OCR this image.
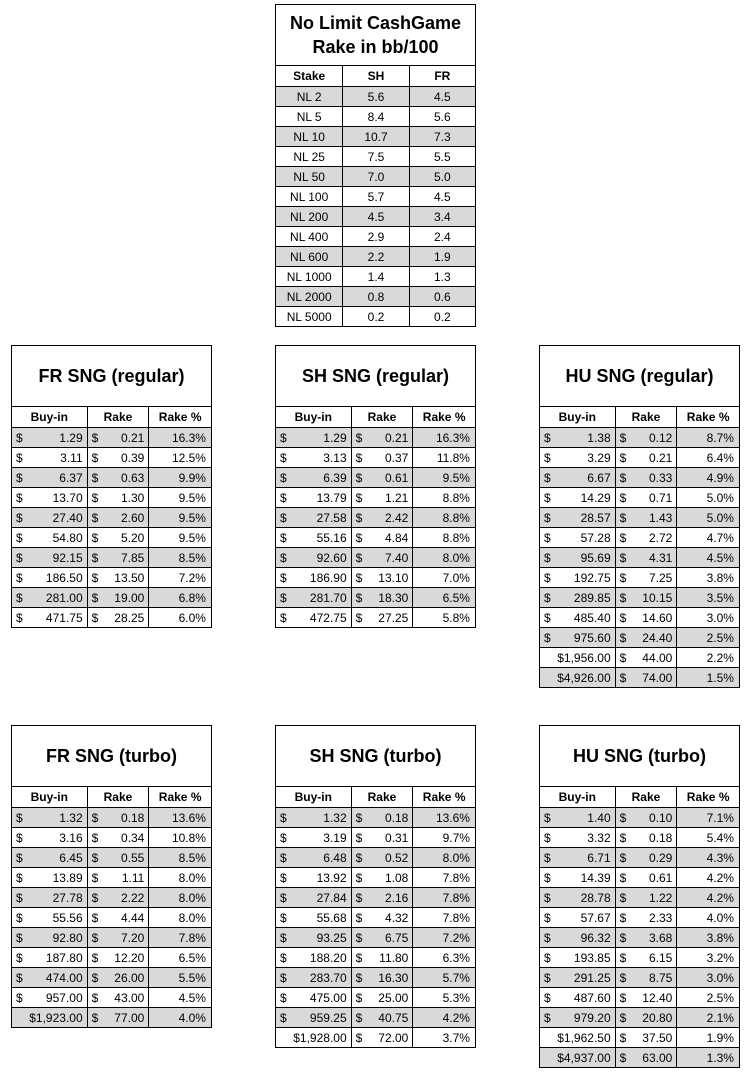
No Limit CashGame
Rake in bb/100
Stake	SH	FR
NL 2	5.6	4.5
NL 5	8.4	5.6
NL 10	10.7	7.3
NL 25	7.5	5.5
NL 50	7.0	5.0
NL 100	5.7	4.5
NL 200	4.5	3.4
NL 400	2.9	2.4
NL 600	2.2	1.9
NL 1000	1.4	1.3
NL 2000	0.8	0.6
NL 5000	0.2	0.2
FR SNG (regular)
Buy-in	Rake	Rake %
$	1.29 $ 0.21	16.3%
$	3.11 $ 0.39	12.5%
$	6.37 $ 0.63	9.9%
$ 13.70 $ 1.30	9.5%
$ 27.40 $ 2.60	9.5%
$ 54.80 $ 5.20	9.5%
$ 92.15 $ 7.85	8.5%
$ 186.50 $ 13.50	7.2%
$ 281.00 $ 19.00	6.8%
$ 471.75 $ 28.25	6.0%
SH SNG (regular)
Buy-in	Rake	Rake %
$	1.29 $ 0.21	16.3%
$	3.13 $ 0.37	11.8%
$	6.39 $ 0.61	9.5%
$ 13.79 $ 1.21	8.8%
$ 27.58 $ 2.42	8.8%
$ 55.16 $ 4.84	8.8%
$ 92.60 $ 7.40	8.0%
$ 186.90 $ 13.10	7.0%
$ 281.70 $ 18.30	6.5%
$ 472.75 $ 27.25	5.8%
HU SNG (regular)
Buy-in	Rake	Rake %
$	1.38 $ 0.12	8.7%
$	3.29 $ 0.21	6.4%
$	6.67 $ 0.33	4.9%
$ 14.29 $ 0.71	5.0%
$ 28.57 $ 1.43	5.0%
$ 57.28 $ 2.72	4.7%
$ 95.69 $ 4.31	4.5%
$ 192.75 $ 7.25	3.8%
$ 289.85 $ 10.15	3.5%
$ 485.40 $ 14.60	3.0%
$ 975.60 $ 24.40	2.5%
$1,956.00 $ 44.00	2.2%
$4,926.00 $ 74.00	1.5%
FR SNG (turbo)
Buy-in	Rake	Rake %
$	1.32 $ 0.18	13.6%
$	3.16 $ 0.34	10.8%
$	6.45 $ 0.55	8.5%
$ 13.89 $ 1.11	8.0%
$ 27.78 $ 2.22	8.0%
$ 55.56 $ 4.44	8.0%
$ 92.80 $ 7.20	7.8%
$ 187.80 $ 12.20	6.5%
$ 474.00 $ 26.00	5.5%
$ 957.00 $ 43.00	4.5%
$1,923.00 $ 77.00	4.0%
SH SNG (turbo)
Buy-in	Rake	Rake %
$	1.32 $ 0.18	13.6%
$	3.19 $ 0.31	9.7%
$	6.48 $ 0.52	8.0%
$ 13.92 $ 1.08	7.8%
$ 27.84 $ 2.16	7.8%
$ 55.68 $ 4.32	7.8%
$ 93.25 $ 6.75	7.2%
$ 188.20 $ 11.80	6.3%
$ 283.70 $ 16.30	5.7%
$ 475.00 $ 25.00	5.3%
$ 959.25 $ 40.75	4.2%
$1,928.00 $ 72.00	3.7%
HU SNG (turbo)
Buy-in	Rake	Rake %
$	1.40 $ 0.10	7.1%
$	3.32 $ 0.18	5.4%
$	6.71 $ 0.29	4.3%
$ 14.39 $ 0.61	4.2%
$ 28.78 $ 1.22	4.2%
$ 57.67 $ 2.33	4.0%
$ 96.32 $ 3.68	3.8%
$ 193.85 $ 6.15	3.2%
$ 291.25 $ 8.75	3.0%
$ 487.60 $ 12.40	2.5%
$ 979.20 $ 20.80	2.1%
$1,962.50 $ 37.50	1.9%
$4,937.00 $ 63.00	1.3%
